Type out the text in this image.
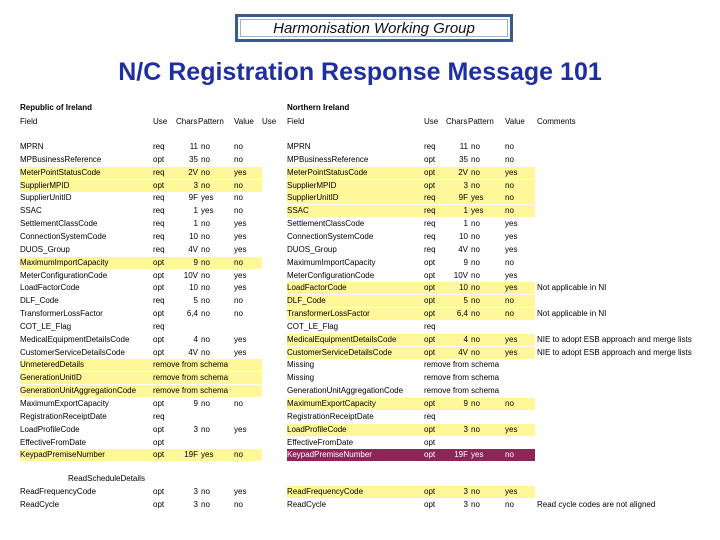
Harmonisation Working Group
N/C Registration Response Message 101
Republic of Ireland	Northern Ireland
Field	Use	Chars Pattern	Value	Use	Field	Use Chars Pattern	Value	Comments
MPRN	req	11 no	no	MPRN	req	11 no	no
MPBusinessReference	opt	35 no	no	MPBusinessReference	opt	35 no	no
MeterPointStatusCode	req	2V no	yes	MeterPointStatusCode	opt	2V no	yes
SupplierMPID	opt	3 no	no	SupplierMPID	opt	3 no	no
SupplierUnitID	req	9F yes	no	SupplierUnitID	req	9F yes	no
SSAC	req	1 yes	no	SSAC	req	1 yes	no
SettlementClassCode	req	1 no	yes	SettlementClassCode	req	1 no	yes
ConnectionSystemCode	req	10 no	yes	ConnectionSystemCode	req	10 no	yes
DUOS_Group	req	4V no	yes	DUOS_Group	req	4V no	yes
MaximumImportCapacity	opt	9 no	no	MaximumImportCapacity	opt	9 no	no
MeterConfigurationCode	opt	10V no	yes	MeterConfigurationCode	opt	10V no	yes
LoadFactorCode	opt	10 no	yes	LoadFactorCode	opt	10 no	yes	Not applicable in NI
DLF_Code	req	5 no	no	DLF_Code	opt	5 no	no
TransformerLossFactor	opt	6,4 no	no	TransformerLossFactor	opt	6,4 no	no	Not applicable in NI
COT_LE_Flag	req	COT_LE_Flag	req
MedicalEquipmentDetailsCode	opt	4 no	yes	MedicalEquipmentDetailsCode	opt	4 no	yes	NIE to adopt ESB approach and merge lists
CustomerServiceDetailsCode	opt	4V no	yes	CustomerServiceDetailsCode	opt	4V no	yes	NIE to adopt ESB approach and merge lists
UnmeteredDetails	remove from schema	Missing	remove from schema
GenerationUnitID	remove from schema	Missing	remove from schema
GenerationUnitAggregationCode	remove from schema	GenerationUnitAggregationCode	remove from schema
MaximumExportCapacity	opt	9 no	no	MaximumExportCapacity	opt	9 no	no
RegistrationReceiptDate	req	RegistrationReceiptDate	req
LoadProfileCode	opt	3 no	yes	LoadProfileCode	opt	3 no	yes
EffectiveFromDate	opt	EffectiveFromDate	opt
KeypadPremiseNumber	opt	19F yes	no	KeypadPremiseNumber	opt	19F yes	no
ReadScheduleDetails
ReadFrequencyCode	opt	3 no	yes	ReadFrequencyCode	opt	3 no	yes
ReadCycle	opt	3 no	no	ReadCycle	opt	3 no	no	Read cycle codes are not aligned
